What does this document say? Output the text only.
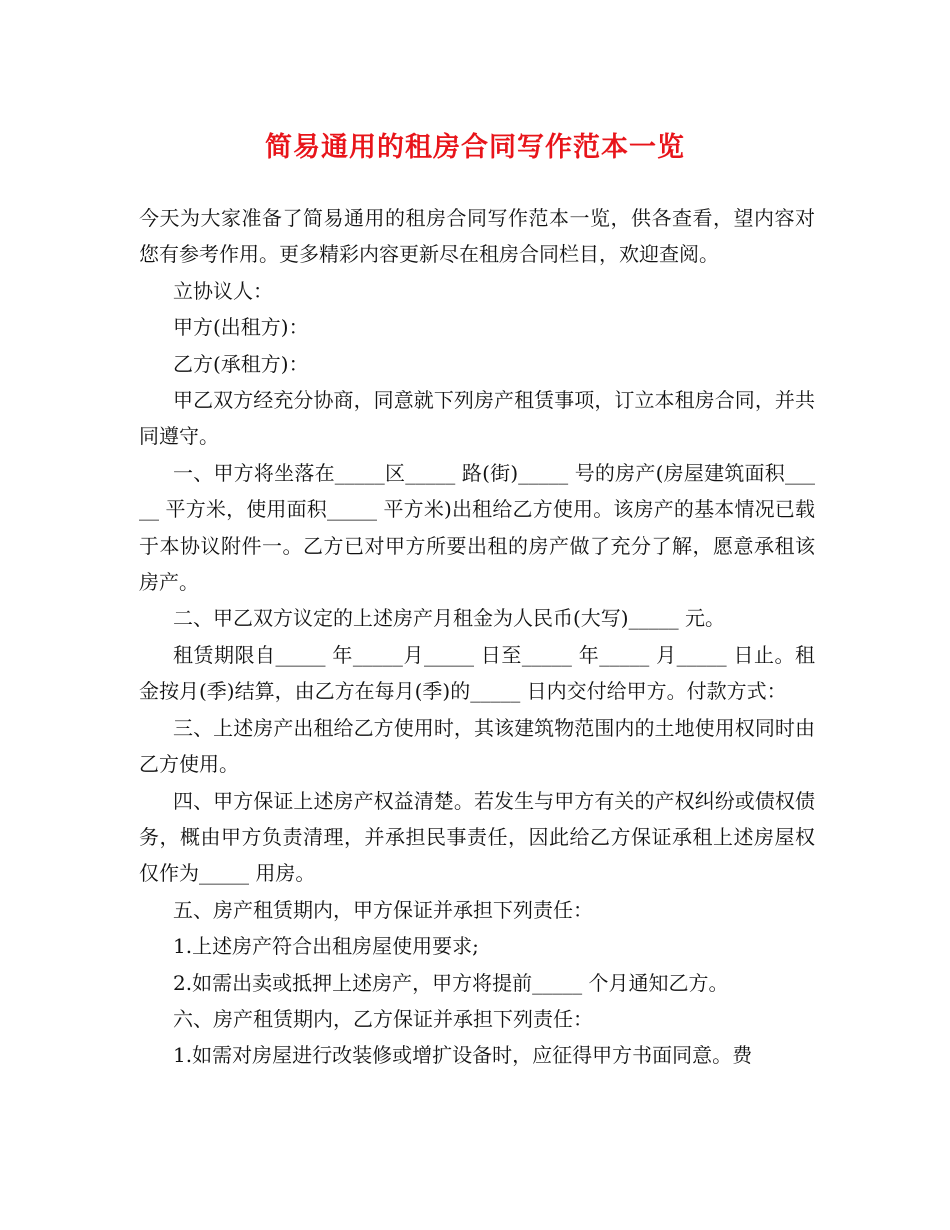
简易通用的租房合同写作范本一览

今天为大家准备了简易通用的租房合同写作范本一览，供各查看，望内容对您有参考作用。更多精彩内容更新尽在租房合同栏目，欢迎查阅。

立协议人：

甲方(出租方)：

乙方(承租方)：

甲乙双方经充分协商，同意就下列房产租赁事项，订立本租房合同，并共同遵守。

一、甲方将坐落在_____区_____ 路(街)_____ 号的房产(房屋建筑面积_____ 平方米，使用面积_____ 平方米)出租给乙方使用。该房产的基本情况已载于本协议附件一。乙方已对甲方所要出租的房产做了充分了解，愿意承租该房产。

二、甲乙双方议定的上述房产月租金为人民币(大写)_____ 元。

租赁期限自_____ 年_____月_____ 日至_____ 年_____ 月_____ 日止。租金按月(季)结算，由乙方在每月(季)的_____ 日内交付给甲方。付款方式：

三、上述房产出租给乙方使用时，其该建筑物范围内的土地使用权同时由乙方使用。

四、甲方保证上述房产权益清楚。若发生与甲方有关的产权纠纷或债权债务，概由甲方负责清理，并承担民事责任，因此给乙方保证承租上述房屋权仅作为_____ 用房。

五、房产租赁期内，甲方保证并承担下列责任：

1.上述房产符合出租房屋使用要求;

2.如需出卖或抵押上述房产，甲方将提前_____ 个月通知乙方。

六、房产租赁期内，乙方保证并承担下列责任：

1.如需对房屋进行改装修或增扩设备时，应征得甲方书面同意。费
